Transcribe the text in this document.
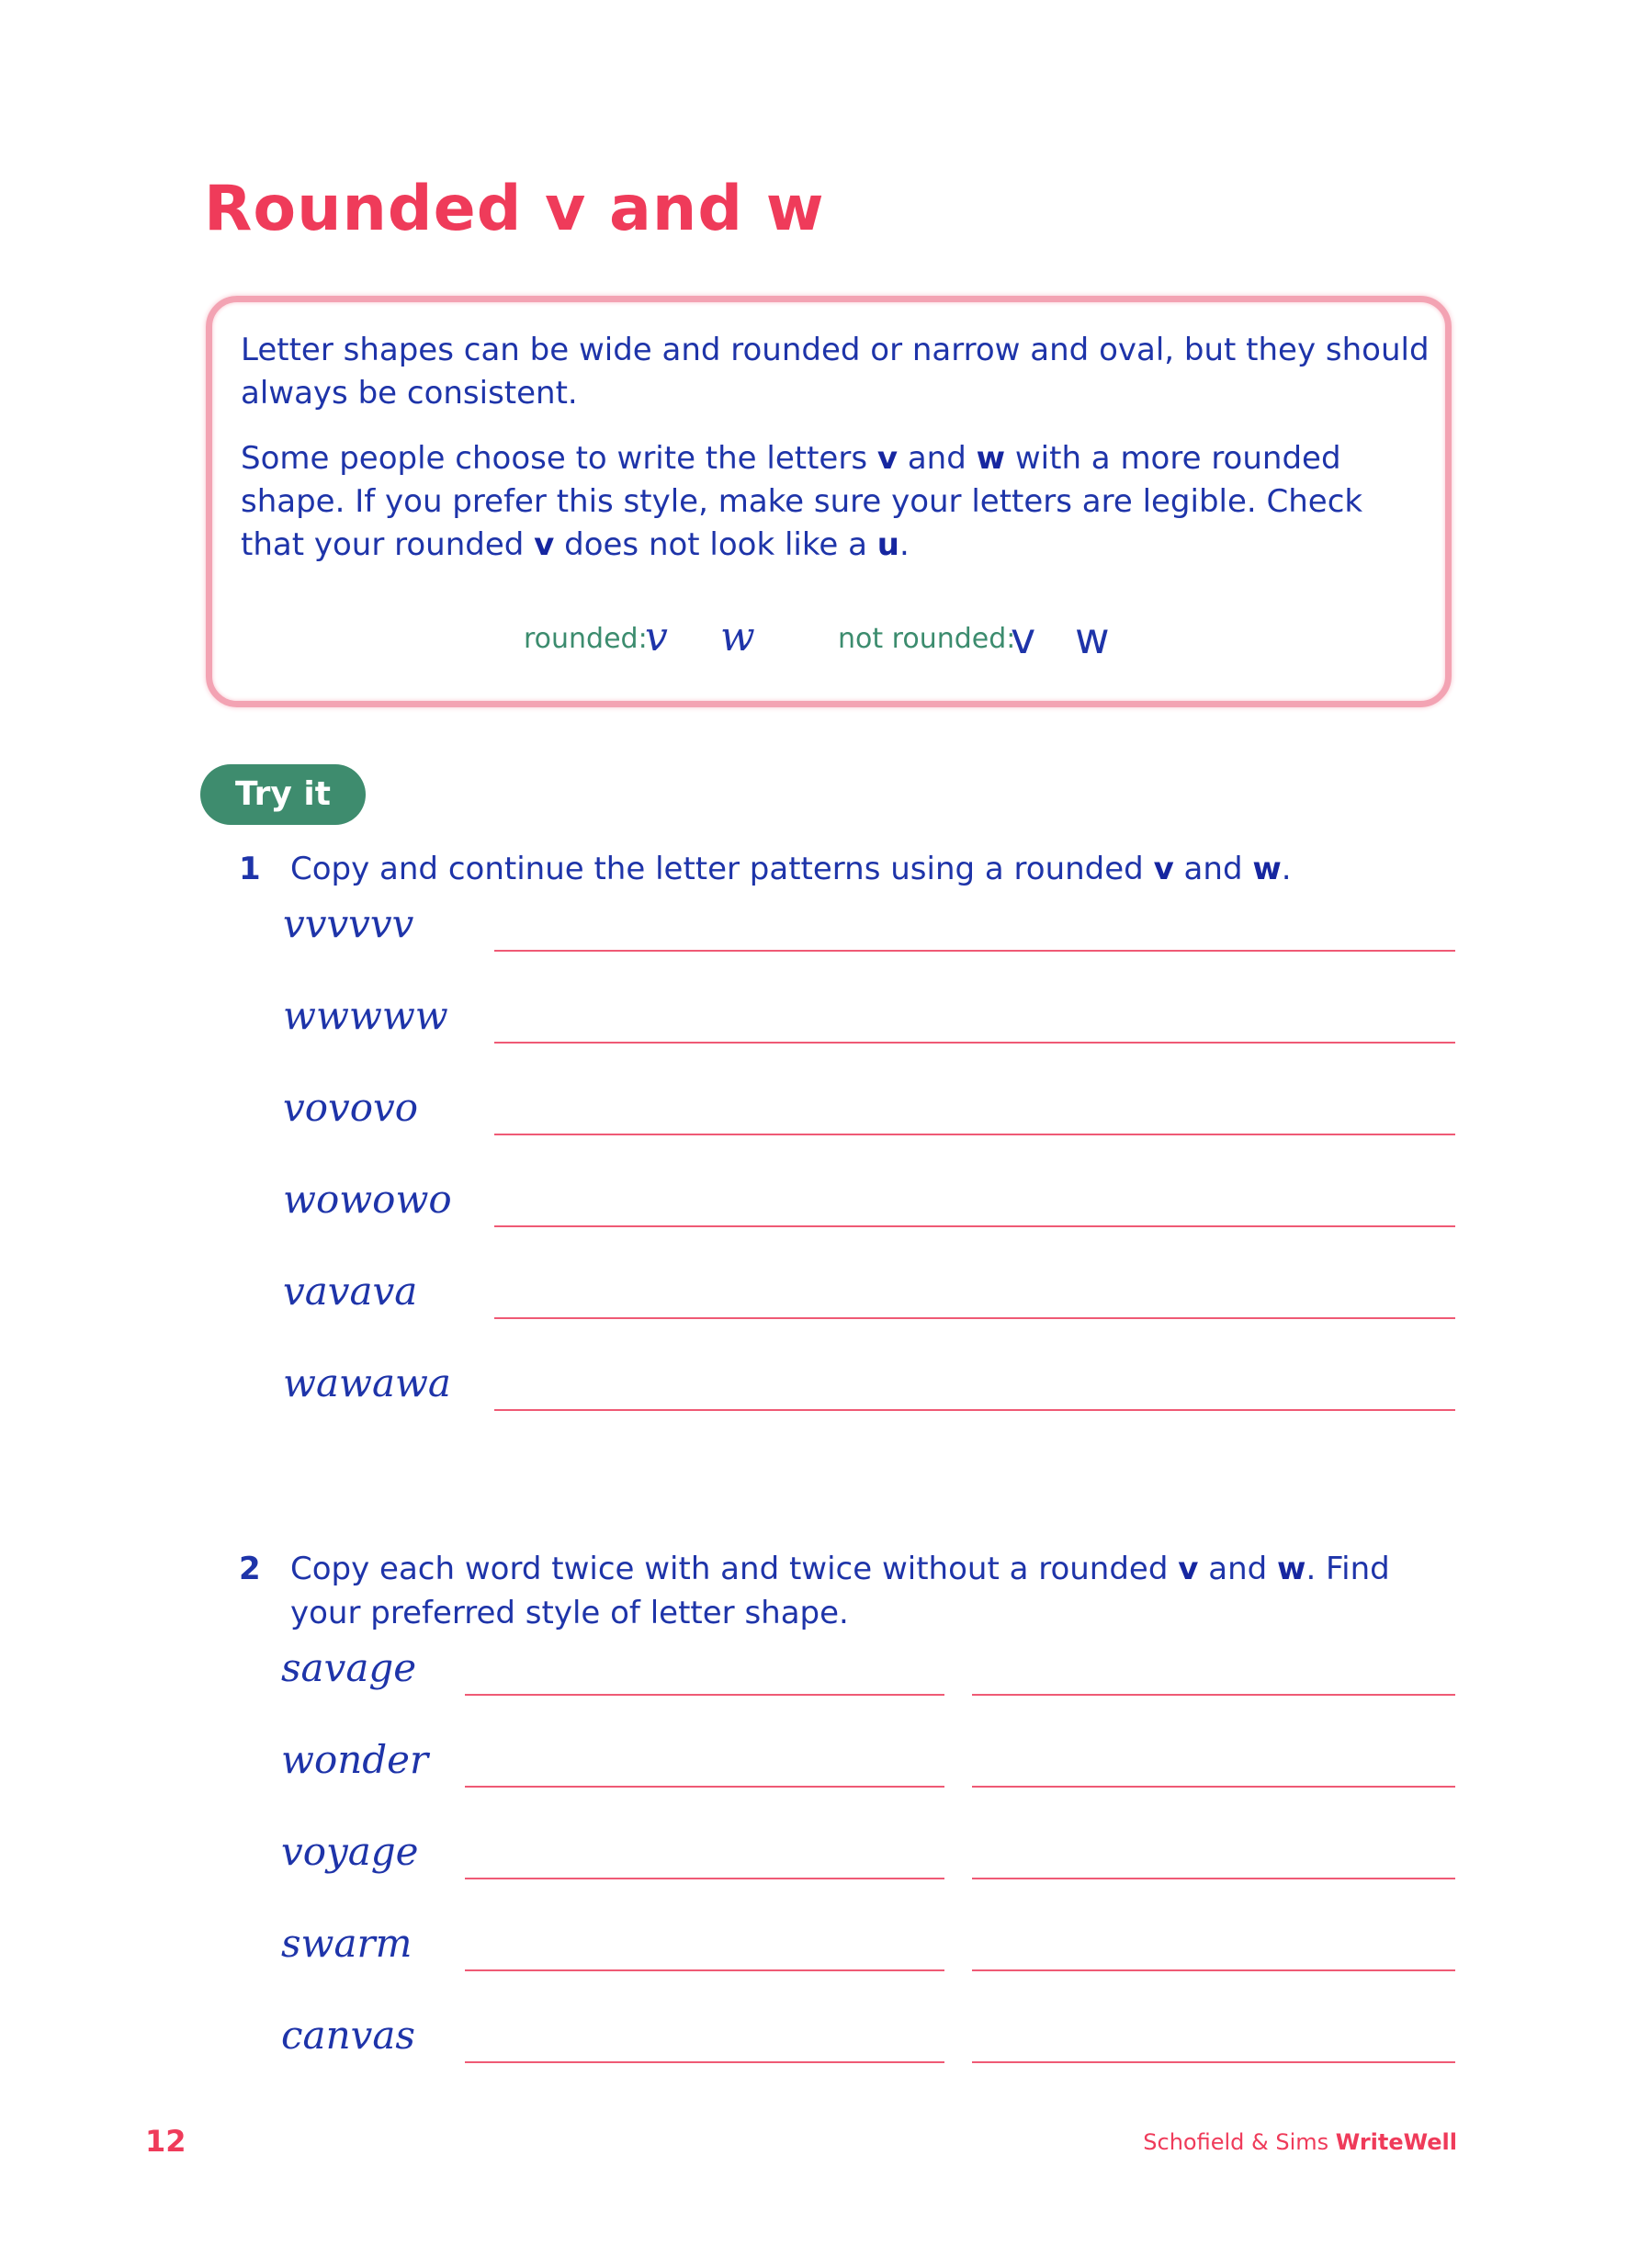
Rounded v and w

Letter shapes can be wide and rounded or narrow and oval, but they should always be consistent.

Some people choose to write the letters v and w with a more rounded shape. If you prefer this style, make sure your letters are legible. Check that your rounded v does not look like a u.

rounded:
v w	not rounded:
v w
Try it
1 Copy and continue the letter patterns using a rounded v and w.
vvvvvv
wwwww
vovovo
wowowo
vavava
wawawa
2 Copy each word twice with and twice without a rounded v and w. Find your preferred style of letter shape.
savage
wonder
voyage
swarm
canvas
12	Schofield & Sims WriteWell
